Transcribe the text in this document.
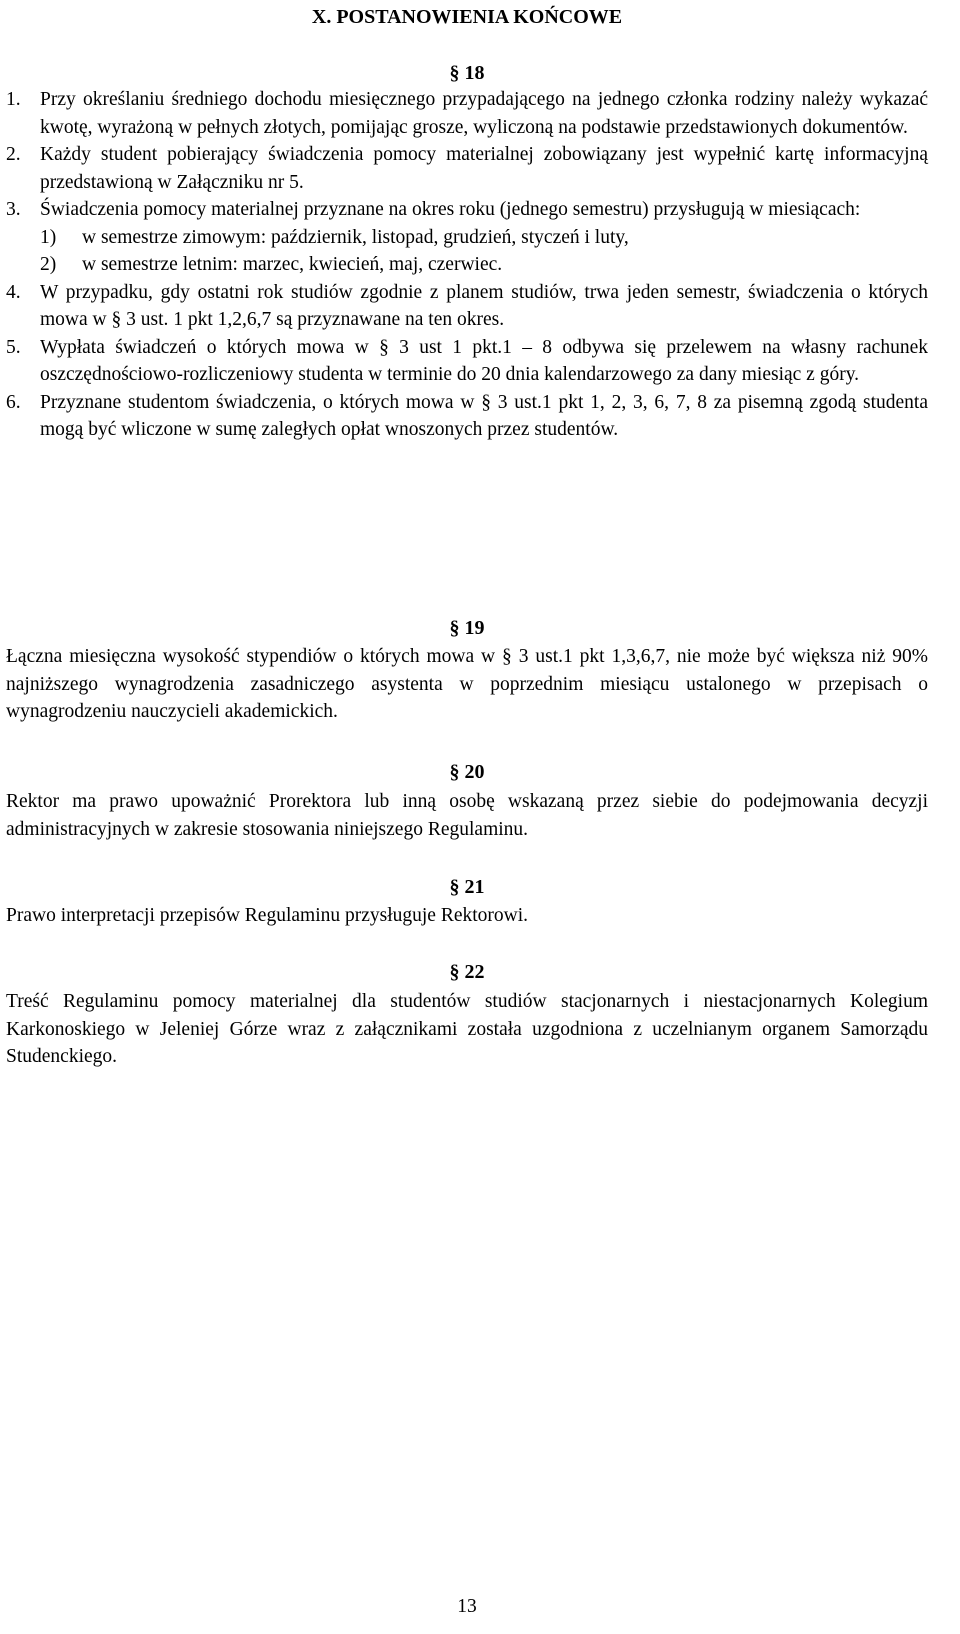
X. POSTANOWIENIA KOŃCOWE
§ 18
1. Przy określaniu średniego dochodu miesięcznego przypadającego na jednego członka rodziny należy wykazać kwotę, wyrażoną w pełnych złotych, pomijając grosze, wyliczoną na podstawie przedstawionych dokumentów.
2. Każdy student pobierający świadczenia pomocy materialnej zobowiązany jest wypełnić kartę informacyjną przedstawioną w Załączniku nr 5.
3. Świadczenia pomocy materialnej przyznane na okres roku (jednego semestru) przysługują w miesiącach:
1) w semestrze zimowym: październik, listopad, grudzień, styczeń i luty,
2) w semestrze letnim: marzec, kwiecień, maj, czerwiec.
4. W przypadku, gdy ostatni rok studiów zgodnie z planem studiów, trwa jeden semestr, świadczenia o których mowa w § 3 ust. 1 pkt 1,2,6,7 są przyznawane na ten okres.
5. Wypłata świadczeń o których mowa w § 3 ust 1 pkt.1 – 8 odbywa się przelewem na własny rachunek oszczędnościowo-rozliczeniowy studenta w terminie do 20 dnia kalendarzowego za dany miesiąc z góry.
6. Przyznane studentom świadczenia, o których mowa w § 3 ust.1 pkt 1, 2, 3, 6, 7, 8 za pisemną zgodą studenta mogą być wliczone w sumę zaległych opłat wnoszonych przez studentów.
§ 19
Łączna miesięczna wysokość stypendiów o których mowa w § 3 ust.1 pkt 1,3,6,7, nie może być większa niż 90% najniższego wynagrodzenia zasadniczego asystenta w poprzednim miesiącu ustalonego w przepisach o wynagrodzeniu nauczycieli akademickich.
§ 20
Rektor ma prawo upoważnić Prorektora lub inną osobę wskazaną przez siebie do podejmowania decyzji administracyjnych w zakresie stosowania niniejszego Regulaminu.
§ 21
Prawo interpretacji przepisów Regulaminu przysługuje Rektorowi.
§ 22
Treść Regulaminu pomocy materialnej dla studentów studiów stacjonarnych i niestacjonarnych Kolegium Karkonoskiego w Jeleniej Górze wraz z załącznikami została uzgodniona z uczelnianym organem Samorządu Studenckiego.
13
